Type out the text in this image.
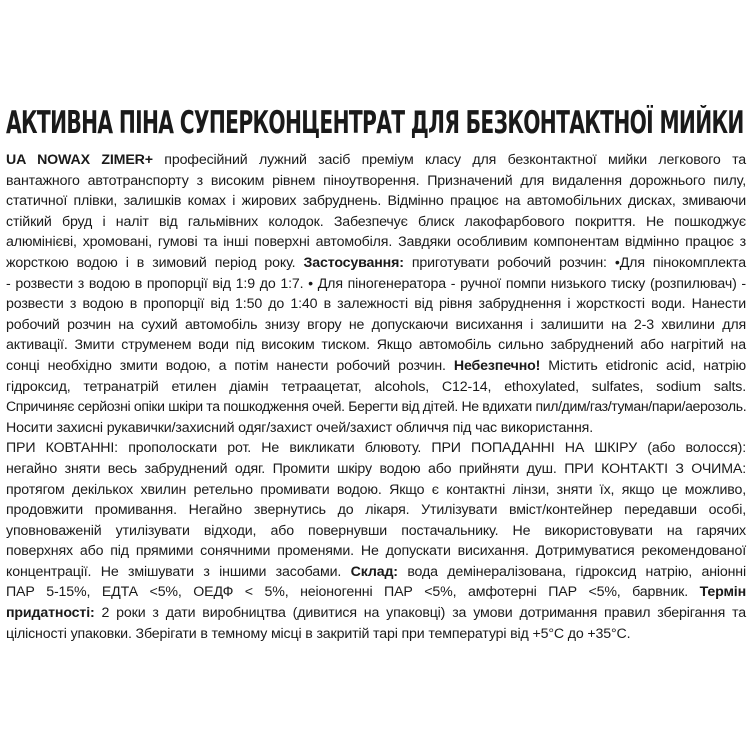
АКТИВНА ПІНА СУПЕРКОНЦЕНТРАТ ДЛЯ БЕЗКОНТАКТНОЇ МИЙКИ
UA NOWAX ZIMER+ професійний лужний засіб преміум класу для безконтактної мийки легкового та
вантажного автотранспорту з високим рівнем піноутворення. Призначений для видалення дорожнього пилу,
статичної плівки, залишків комах і жирових забруднень. Відмінно працює на автомобільних дисках, змиваючи
стійкий бруд і наліт від гальмівних колодок. Забезпечує блиск лакофарбового покриття. Не пошкоджує
алюмінієві, хромовані, гумові та інші поверхні автомобіля. Завдяки особливим компонентам відмінно працює з
жорсткою водою і в зимовий період року. Застосування: приготувати робочий розчин: •Для пінокомплекта
- розвести з водою в пропорції від 1:9 до 1:7. • Для піногенератора - ручної помпи низького тиску (розпилювач) -
розвести з водою в пропорції від 1:50 до 1:40 в залежності від рівня забруднення і жорсткості води. Нанести
робочий розчин на сухий автомобіль знизу вгору не допускаючи висихання і залишити на 2-3 хвилини для
активації. Змити струменем води під високим тиском. Якщо автомобіль сильно забруднений або нагрітий на
сонці необхідно змити водою, а потім нанести робочий розчин. Небезпечно! Містить etidronic acid, натрію
гідроксид, тетранатрій етилен діамін тетраацетат, alcohols, C12-14, ethoxylated, sulfates, sodium salts.
Спричиняє серйозні опіки шкіри та пошкодження очей. Берегти від дітей. Не вдихати пил/дим/газ/туман/пари/аерозоль.
Носити захисні рукавички/захисний одяг/захист очей/захист обличчя під час використання.
ПРИ КОВТАННІ: прополоскати рот. Не викликати блювоту. ПРИ ПОПАДАННІ НА ШКІРУ (або волосся):
негайно зняти весь забруднений одяг. Промити шкіру водою або прийняти душ. ПРИ КОНТАКТІ З ОЧИМА:
протягом декількох хвилин ретельно промивати водою. Якщо є контактні лінзи, зняти їх, якщо це можливо,
продовжити промивання. Негайно звернутись до лікаря. Утилізувати вміст/контейнер передавши особі,
уповноваженій утилізувати відходи, або повернувши постачальнику. Не використовувати на гарячих
поверхнях або під прямими сонячними променями. Не допускати висихання. Дотримуватися рекомендованої
концентрації. Не змішувати з іншими засобами. Склад: вода демінералізована, гідроксид натрію, аніонні
ПАР 5-15%, ЕДТА <5%, ОЕДФ < 5%, неіоногенні ПАР <5%, амфотерні ПАР <5%, барвник. Термін
придатності: 2 роки з дати виробництва (дивитися на упаковці) за умови дотримання правил зберігання та
цілісності упаковки. Зберігати в темному місці в закритій тарі при температурі від +5°С до +35°С.
